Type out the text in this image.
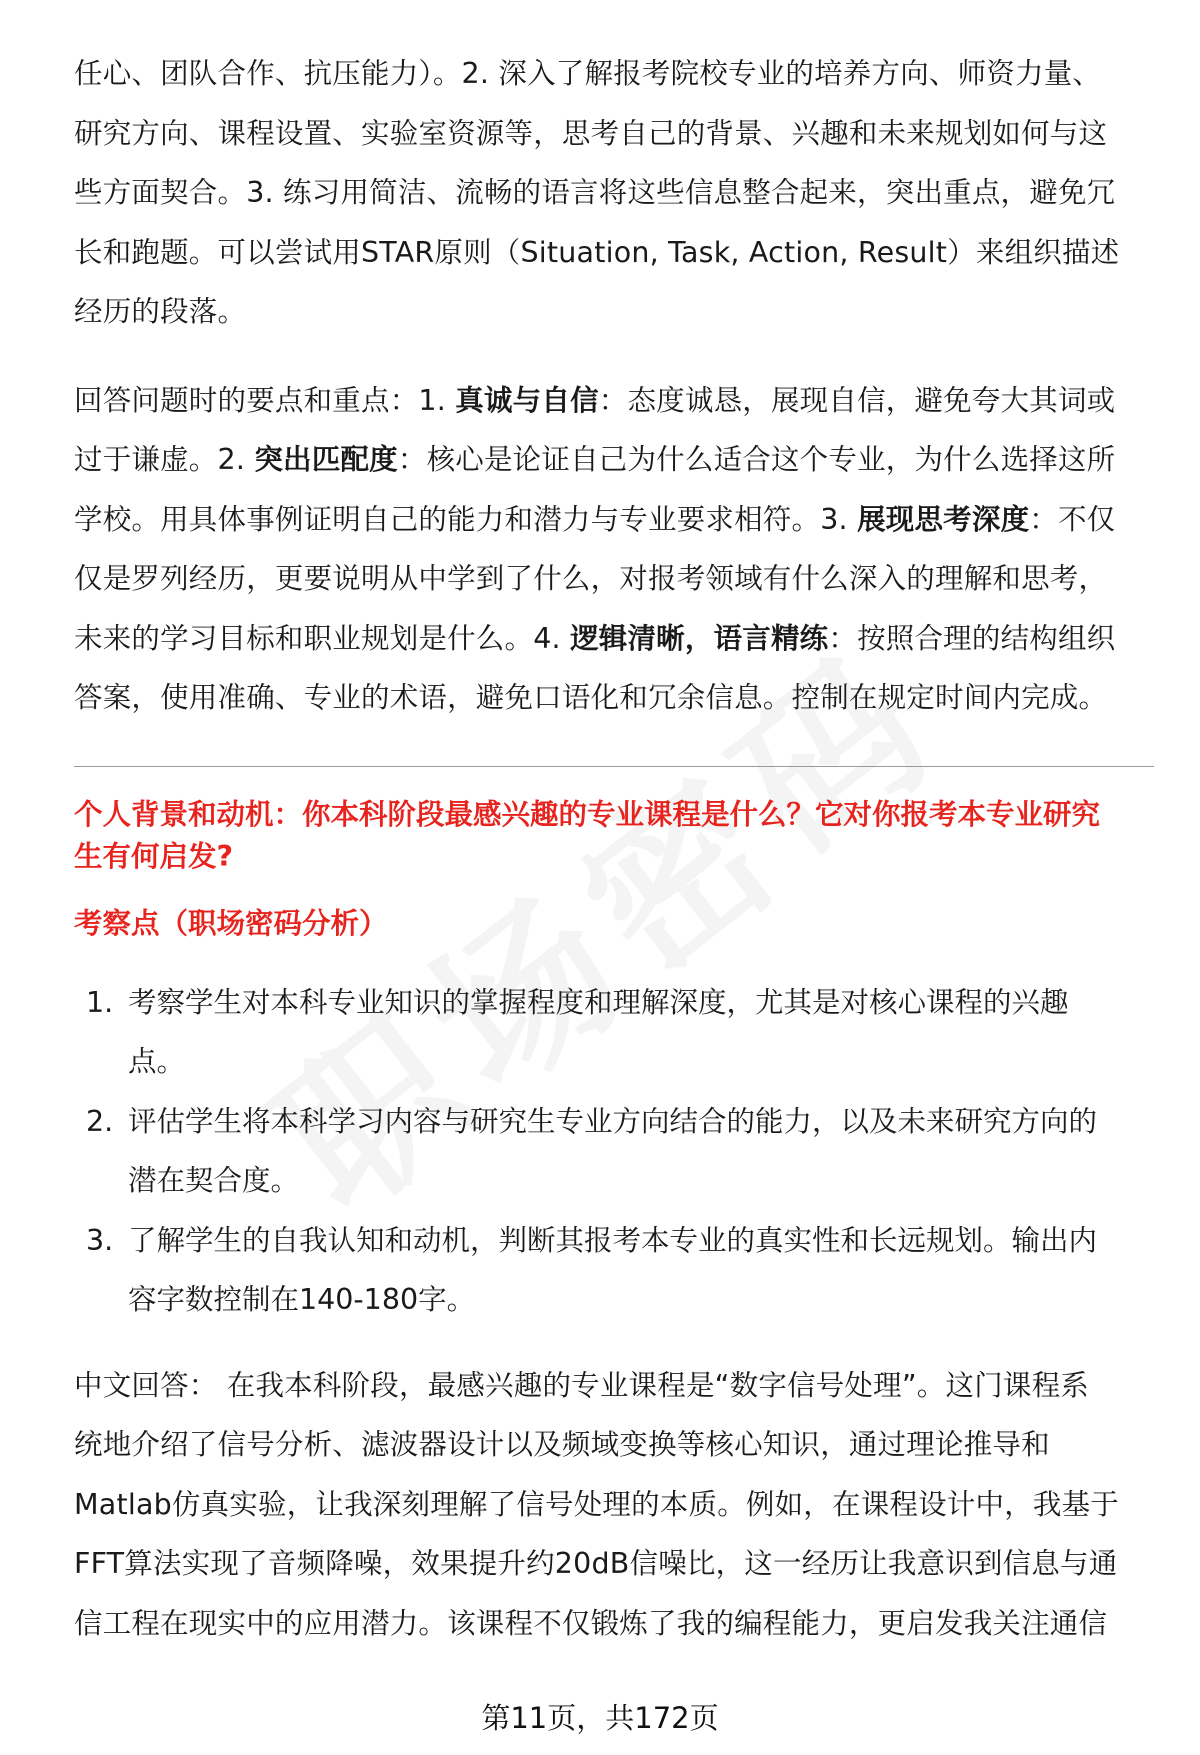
任心、团队合作、抗压能力）。2. 深入了解报考院校专业的培养方向、师资力量、
研究方向、课程设置、实验室资源等，思考自己的背景、兴趣和未来规划如何与这
些方面契合。3. 练习用简洁、流畅的语言将这些信息整合起来，突出重点，避免冗
长和跑题。可以尝试用STAR原则（Situation, Task, Action, Result）来组织描述
经历的段落。
回答问题时的要点和重点：1. 真诚与自信：态度诚恳，展现自信，避免夸大其词或
过于谦虚。2. 突出匹配度：核心是论证自己为什么适合这个专业，为什么选择这所
学校。用具体事例证明自己的能力和潜力与专业要求相符。3. 展现思考深度：不仅
仅是罗列经历，更要说明从中学到了什么，对报考领域有什么深入的理解和思考，
未来的学习目标和职业规划是什么。4. 逻辑清晰，语言精练：按照合理的结构组织
答案，使用准确、专业的术语，避免口语化和冗余信息。控制在规定时间内完成。
个人背景和动机：你本科阶段最感兴趣的专业课程是什么？它对你报考本专业研究
生有何启发?
考察点（职场密码分析）
1. 考察学生对本科专业知识的掌握程度和理解深度，尤其是对核心课程的兴趣
点。
2. 评估学生将本科学习内容与研究生专业方向结合的能力，以及未来研究方向的
潜在契合度。
3. 了解学生的自我认知和动机，判断其报考本专业的真实性和长远规划。输出内
容字数控制在140-180字。
中文回答： 在我本科阶段，最感兴趣的专业课程是“数字信号处理”。这门课程系
统地介绍了信号分析、滤波器设计以及频域变换等核心知识，通过理论推导和
Matlab仿真实验，让我深刻理解了信号处理的本质。例如，在课程设计中，我基于
FFT算法实现了音频降噪，效果提升约20dB信噪比，这一经历让我意识到信息与通
信工程在现实中的应用潜力。该课程不仅锻炼了我的编程能力，更启发我关注通信
第11页，共172页
